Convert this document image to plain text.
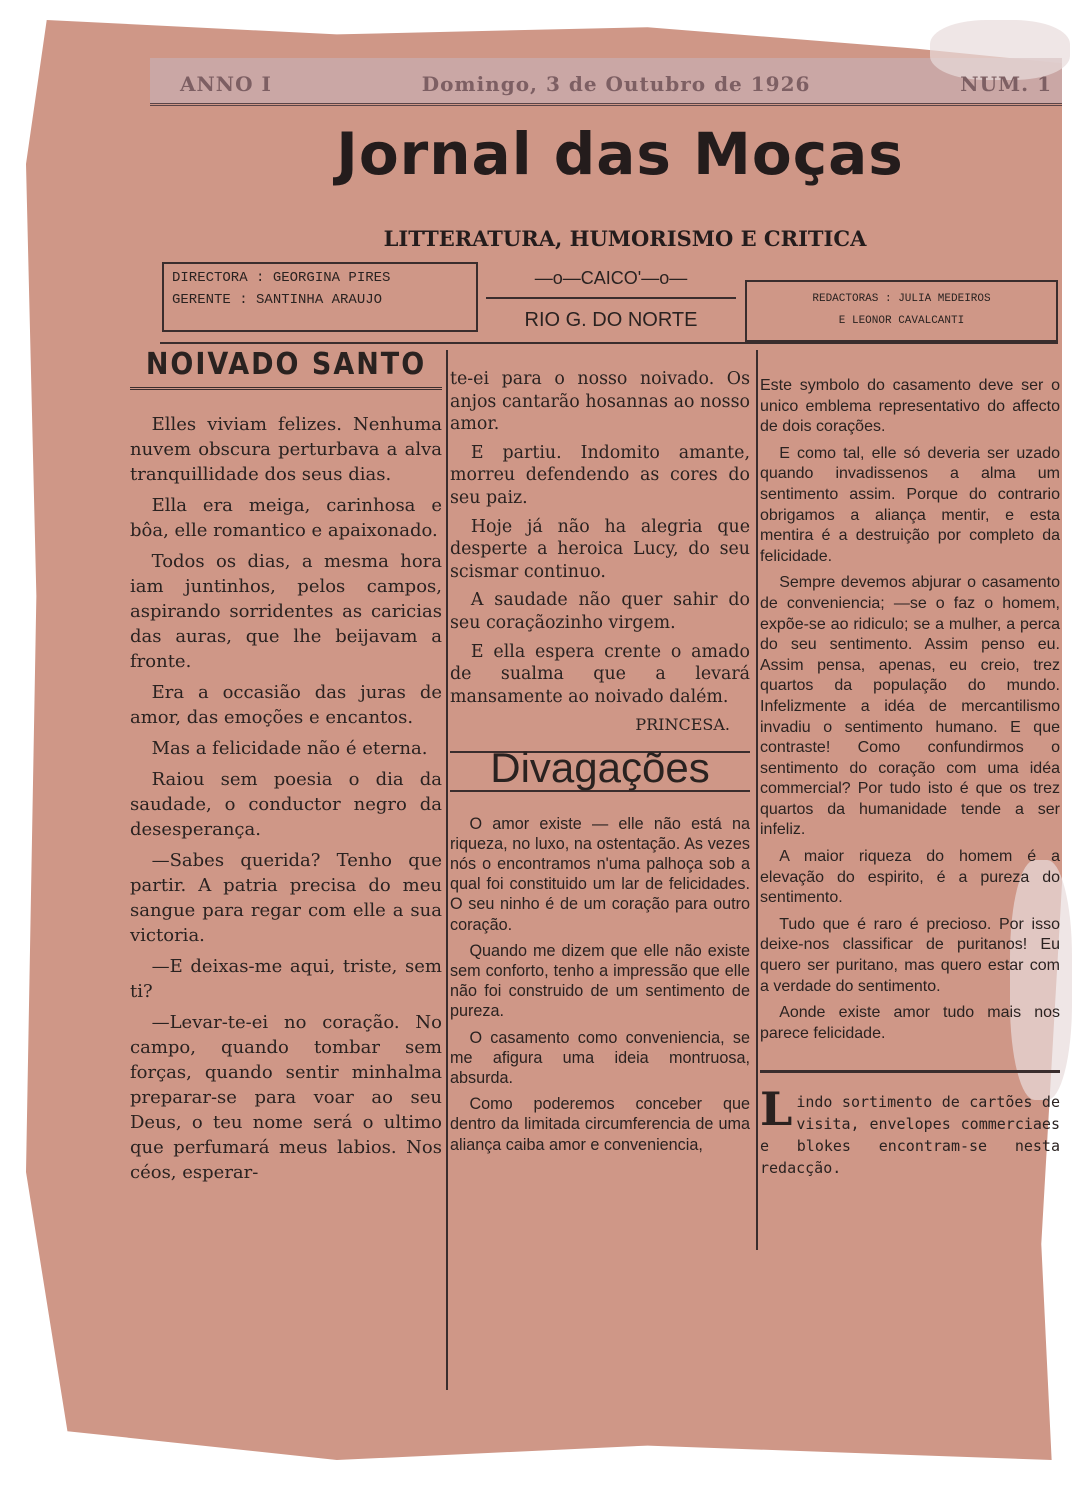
ANNO I	Domingo, 3 de Outubro de 1926	NUM. 1
Jornal das Moças
LITTERATURA, HUMORISMO E CRITICA
DIRECTORA : GEORGINA PIRES
GERENTE : SANTINHA ARAUJO
—o—CAICO'—o—
RIO G. DO NORTE
REDACTORAS : JULIA MEDEIROS
E LEONOR CAVALCANTI
NOIVADO SANTO

Elles viviam felizes. Nenhuma nuvem obscura perturbava a alva tranquillidade dos seus dias.

Ella era meiga, carinhosa e bôa, elle romantico e apaixonado.

Todos os dias, a mesma hora iam juntinhos, pelos campos, aspirando sorridentes as caricias das auras, que lhe beijavam a fronte.

Era a occasião das juras de amor, das emoções e encantos.

Mas a felicidade não é eterna.

Raiou sem poesia o dia da saudade, o conductor negro da desesperança.

—Sabes querida? Tenho que partir. A patria precisa do meu sangue para regar com elle a sua victoria.

—E deixas-me aqui, triste, sem ti?

—Levar-te-ei no coração. No campo, quando tombar sem forças, quando sentir minhalma preparar-se para voar ao seu Deus, o teu nome será o ultimo que perfumará meus labios. Nos céos, esperar-

te-ei para o nosso noivado. Os anjos cantarão hosannas ao nosso amor.

E partiu. Indomito amante, morreu defendendo as cores do seu paiz.

Hoje já não ha alegria que desperte a heroica Lucy, do seu scismar continuo.

A saudade não quer sahir do seu coraçãozinho virgem.

E ella espera crente o amado de sualma que a levará mansamente ao noivado dalém.

PRINCESA.
Divagações

O amor existe — elle não está na riqueza, no luxo, na ostentação. As vezes nós o encontramos n'uma palhoça sob a qual foi constituido um lar de felicidades. O seu ninho é de um coração para outro coração.

Quando me dizem que elle não existe sem conforto, tenho a impressão que elle não foi construido de um sentimento de pureza.

O casamento como conveniencia, se me afigura uma ideia montruosa, absurda.

Como poderemos conceber que dentro da limitada circumferencia de uma aliança caiba amor e conveniencia,

Este symbolo do casamento deve ser o unico emblema representativo do affecto de dois corações.

E como tal, elle só deveria ser uzado quando invadissenos a alma um sentimento assim. Porque do contrario obrigamos a aliança mentir, e esta mentira é a destruição por completo da felicidade.

Sempre devemos abjurar o casamento de conveniencia; —se o faz o homem, expõe-se ao ridiculo; se a mulher, a perca do seu sentimento. Assim penso eu. Assim pensa, apenas, eu creio, trez quartos da população do mundo. Infelizmente a idéa de mercantilismo invadiu o sentimento humano. E que contraste! Como confundirmos o sentimento do coração com uma idéa commercial? Por tudo isto é que os trez quartos da humanidade tende a ser infeliz.

A maior riqueza do homem é a elevação do espirito, é a pureza do sentimento.

Tudo que é raro é precioso. Por isso deixe-nos classificar de puritanos! Eu quero ser puritano, mas quero estar com a verdade do sentimento.

Aonde existe amor tudo mais nos parece felicidade.

Lindo sortimento de cartões de visita, envelopes commerciaes e blokes encontram-se nesta redacção.
